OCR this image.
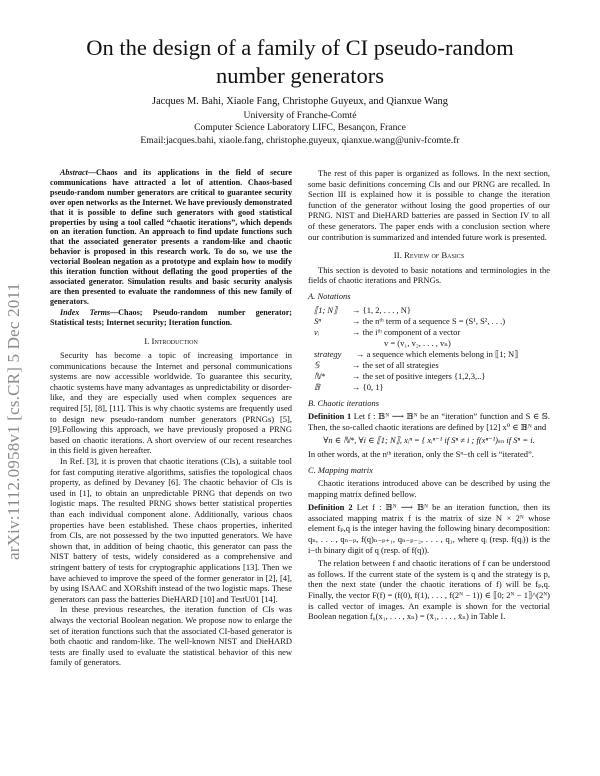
arXiv:1112.0958v1 [cs.CR] 5 Dec 2011
On the design of a family of CI pseudo-random number generators
Jacques M. Bahi, Xiaole Fang, Christophe Guyeux, and Qianxue Wang
University of Franche-Comté
Computer Science Laboratory LIFC, Besançon, France
Email:jacques.bahi, xiaole.fang, christophe.guyeux, qianxue.wang@univ-fcomte.fr

Abstract—Chaos and its applications in the field of secure communications have attracted a lot of attention. Chaos-based pseudo-random number generators are critical to guarantee security over open networks as the Internet. We have previously demonstrated that it is possible to define such generators with good statistical properties by using a tool called “chaotic iterations”, which depends on an iteration function. An approach to find update functions such that the associated generator presents a random-like and chaotic behavior is proposed in this research work. To do so, we use the vectorial Boolean negation as a prototype and explain how to modify this iteration function without deflating the good properties of the associated generator. Simulation results and basic security analysis are then presented to evaluate the randomness of this new family of generators.

Index Terms—Chaos; Pseudo-random number generator; Statistical tests; Internet security; Iteration function.

I. Introduction

Security has become a topic of increasing importance in communications because the Internet and personal communications systems are now accessible worldwide. To guarantee this security, chaotic systems have many advantages as unpredictability or disorder-like, and they are especially used when complex sequences are required [5], [8], [11]. This is why chaotic systems are frequently used to design new pseudo-random number generators (PRNGs) [5], [9].Following this approach, we have previously proposed a PRNG based on chaotic iterations. A short overview of our recent researches in this field is given hereafter.

In Ref. [3], it is proven that chaotic iterations (CIs), a suitable tool for fast computing iterative algorithms, satisfies the topological chaos property, as defined by Devaney [6]. The chaotic behavior of CIs is used in [1], to obtain an unpredictable PRNG that depends on two logistic maps. The resulted PRNG shows better statistical properties than each individual component alone. Additionally, various chaos properties have been established. These chaos properties, inherited from CIs, are not possessed by the two inputted generators. We have shown that, in addition of being chaotic, this generator can pass the NIST battery of tests, widely considered as a comprehensive and stringent battery of tests for cryptographic applications [13]. Then we have achieved to improve the speed of the former generator in [2], [4], by using ISAAC and XORshift instead of the two logistic maps. These generators can pass the batteries DieHARD [10] and TestU01 [14].

In these previous researches, the iteration function of CIs was always the vectorial Boolean negation. We propose now to enlarge the set of iteration functions such that the associated CI-based generator is both chaotic and random-like. The well-known NIST and DieHARD tests are finally used to evaluate the statistical behavior of this new family of generators.

The rest of this paper is organized as follows. In the next section, some basic definitions concerning CIs and our PRNG are recalled. In Section III is explained how it is possible to change the iteration function of the generator without losing the good properties of our PRNG. NIST and DieHARD batteries are passed in Section IV to all of these generators. The paper ends with a conclusion section where our contribution is summarized and intended future work is presented.

II. Review of Basics

This section is devoted to basic notations and terminologies in the fields of chaotic iterations and PRNGs.

A. Notations
⟦1; N⟧	→ {1, 2, . . . , N}
Sⁿ	→ the nᵗʰ term of a sequence S = (S¹, S², . . .)
vᵢ	→ the iᵗʰ component of a vector
v = (v₁, v₂, . . . , vₙ)
strategy	→ a sequence which elements belong in ⟦1; N⟧
𝕊	→ the set of all strategies
ℕ*	→ the set of positive integers {1,2,3,..}
𝔹	→ {0, 1}
B. Chaotic iterations

Definition 1 Let f : 𝔹ᴺ ⟶ 𝔹ᴺ be an “iteration” function and S ∈ 𝕊. Then, the so-called chaotic iterations are defined by [12] x⁰ ∈ 𝔹ᴺ and

∀n ∈ ℕ*, ∀i ∈ ⟦1; N⟧, xᵢⁿ = { xᵢⁿ⁻¹ if Sⁿ ≠ i ; f(xⁿ⁻¹)ₛₙ if Sⁿ = i.

In other words, at the nᵗʰ iteration, only the Sⁿ−th cell is “iterated”.

C. Mapping matrix

Chaotic iterations introduced above can be described by using the mapping matrix defined bellow.

Definition 2 Let f : 𝔹ᴺ ⟶ 𝔹ᴺ be an iteration function, then its associated mapping matrix f is the matrix of size N × 2ᴺ whose element fₚ,q is the integer having the following binary decomposition: qₙ, . . . , qₙ₋ₚ, f(q)ₙ₋ₚ₊₁, qₙ₋ₚ₋₂, . . . , q₁, where qᵢ (resp. f(qᵢ)) is the i−th binary digit of q (resp. of f(q)).

The relation between f and chaotic iterations of f can be understood as follows. If the current state of the system is q and the strategy is p, then the next state (under the chaotic iterations of f) will be fₚ,q. Finally, the vector F(f) = (f(0), f(1), . . . , f(2ᴺ − 1)) ∈ ⟦0; 2ᴺ − 1⟧^(2ᴺ) is called vector of images. An example is shown for the vectorial Boolean negation f₀(x₁, . . . , xₙ) = (x̄₁, . . . , x̄ₙ) in Table I.
